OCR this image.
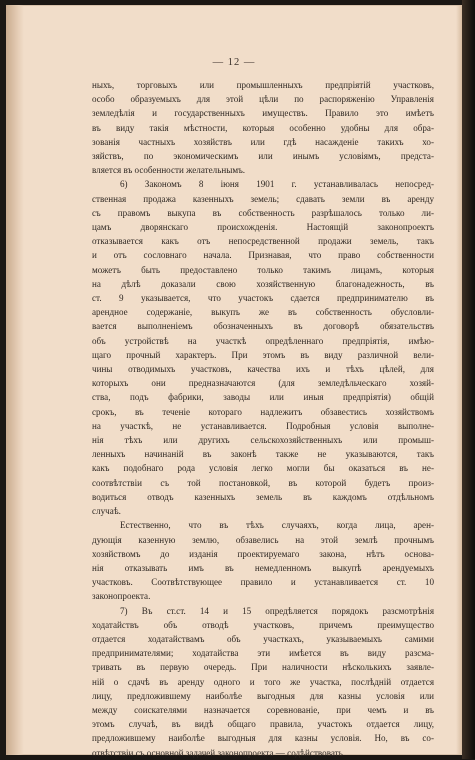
— 12 —
ныхъ, торговыхъ или промышленныхъ предпріятій участковъ,
особо образуемыхъ для этой цѣли по распоряженію Управленія
земледѣлія и государственныхъ имуществъ. Правило это имѣетъ
въ виду такія мѣстности, которыя особенно удобны для обра-
зованія частныхъ хозяйствъ или гдѣ насажденіе такихъ хо-
зяйствъ, по экономическимъ или инымъ условіямъ, предста-
вляется въ особенности желательнымъ.
6) Закономъ 8 іюня 1901 г. устанавливалась непосред-
ственная продажа казенныхъ земель; сдавать земли въ аренду
съ правомъ выкупа въ собственность разрѣшалось только ли-
цамъ дворянскаго происхожденія. Настоящій законопроектъ
отказывается какъ отъ непосредственной продажи земель, такъ
и отъ сословнаго начала. Признавая, что право собственности
можетъ быть предоставлено только такимъ лицамъ, которыя
на дѣлѣ доказали свою хозяйственную благонадежность, въ
ст. 9 указывается, что участокъ сдается предпринимателю въ
арендное содержаніе, выкупъ же въ собственность обусловли-
вается выполненіемъ обозначенныхъ въ договорѣ обязательствъ
объ устройствѣ на участкѣ опредѣленнаго предпріятія, имѣю-
щаго прочный характеръ. При этомъ въ виду различной вели-
чины отводимыхъ участковъ, качества ихъ и тѣхъ цѣлей, для
которыхъ они предназначаются (для земледѣльческаго хозяй-
ства, подъ фабрики, заводы или иныя предпріятія) общій
срокъ, въ теченіе котораго надлежитъ обзавестись хозяйствомъ
на участкѣ, не устанавливается. Подробныя условія выполне-
нія тѣхъ или другихъ сельскохозяйственныхъ или промыш-
ленныхъ начинаній въ законѣ также не указываются, такъ
какъ подобнаго рода условія легко могли бы оказаться въ не-
соотвѣтствіи съ той постановкой, въ которой будетъ произ-
водиться отводъ казенныхъ земель въ каждомъ отдѣльномъ
случаѣ.
Естественно, что въ тѣхъ случаяхъ, когда лица, арен-
дующія казенную землю, обзавелись на этой землѣ прочнымъ
хозяйствомъ до изданія проектируемаго закона, нѣтъ основа-
нія отказывать имъ въ немедленномъ выкупѣ арендуемыхъ
участковъ. Соотвѣтствующее правило и устанавливается ст. 10
законопроекта.
7) Въ ст.ст. 14 и 15 опредѣляется порядокъ разсмотрѣнія
ходатайствъ объ отводѣ участковъ, причемъ преимущество
отдается ходатайствамъ объ участкахъ, указываемыхъ самими
предпринимателями; ходатайства эти имѣется въ виду разсма-
тривать въ первую очередь. При наличности нѣсколькихъ заявле-
ній о сдачѣ въ аренду одного и того же участка, послѣдній отдается
лицу, предложившему наиболѣе выгодныя для казны условія или
между соискателями назначается соревнованіе, при чемъ и въ
этомъ случаѣ, въ видѣ общаго правила, участокъ отдается лицу,
предложившему наиболѣе выгодныя для казны условія. Но, въ со-
отвѣтствіи съ основной задачей законопроекта — содѣйствовать
